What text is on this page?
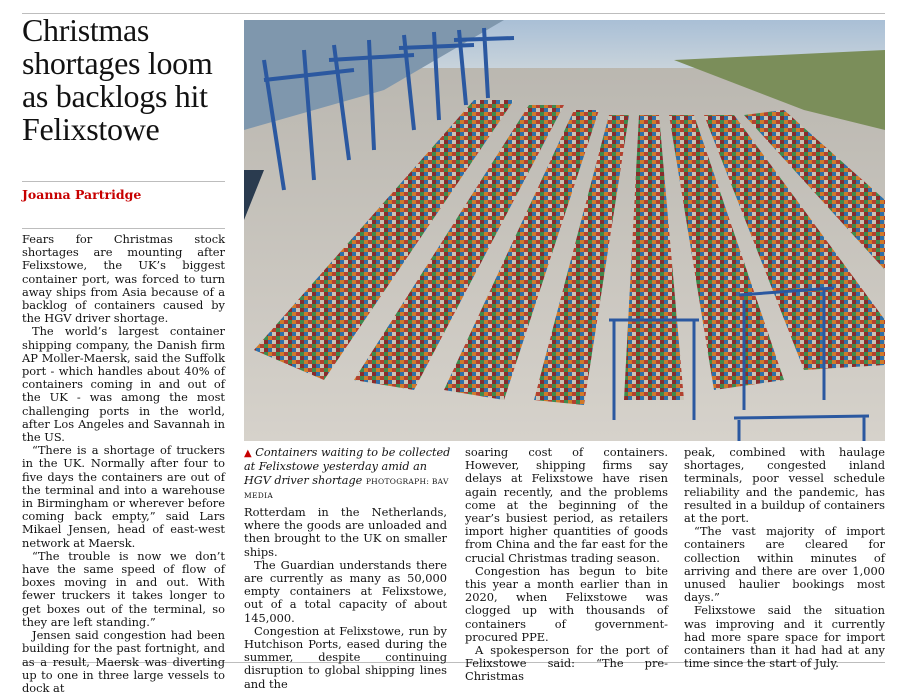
Christmas shortages loom as backlogs hit Felixstowe

Joanna Partridge

▲ Containers waiting to be collected at Felixstowe yesterday amid an HGV driver shortage PHOTOGRAPH: BAV MEDIA

Fears for Christmas stock shortages are mounting after Felixstowe, the UK’s biggest container port, was forced to turn away ships from Asia because of a backlog of containers caused by the HGV driver shortage.

The world’s largest container shipping company, the Danish firm AP Moller-Maersk, said the Suffolk port - which handles about 40% of containers coming in and out of the UK - was among the most challenging ports in the world, after Los Angeles and Savannah in the US.

“There is a shortage of truckers in the UK. Normally after four to five days the containers are out of the terminal and into a warehouse in Birmingham or wherever before coming back empty,” said Lars Mikael Jensen, head of east-west network at Maersk.

“The trouble is now we don’t have the same speed of flow of boxes moving in and out. With fewer truckers it takes longer to get boxes out of the terminal, so they are left standing.”

Jensen said congestion had been building for the past fortnight, and as a result, Maersk was diverting up to one in three large vessels to dock at

Rotterdam in the Netherlands, where the goods are unloaded and then brought to the UK on smaller ships.

The Guardian understands there are currently as many as 50,000 empty containers at Felixstowe, out of a total capacity of about 145,000.

Congestion at Felixstowe, run by Hutchison Ports, eased during the summer, despite continuing disruption to global shipping lines and the

soaring cost of containers. However, shipping firms say delays at Felixstowe have risen again recently, and the problems come at the beginning of the year’s busiest period, as retailers import higher quantities of goods from China and the far east for the crucial Christmas trading season.

Congestion has begun to bite this year a month earlier than in 2020, when Felixstowe was clogged up with thousands of containers of government-procured PPE.

A spokesperson for the port of Felixstowe said: “The pre-Christmas

peak, combined with haulage shortages, congested inland terminals, poor vessel schedule reliability and the pandemic, has resulted in a buildup of containers at the port.

“The vast majority of import containers are cleared for collection within minutes of arriving and there are over 1,000 unused haulier bookings most days.”

Felixstowe said the situation was improving and it currently had more spare space for import containers than it had had at any time since the start of July.
